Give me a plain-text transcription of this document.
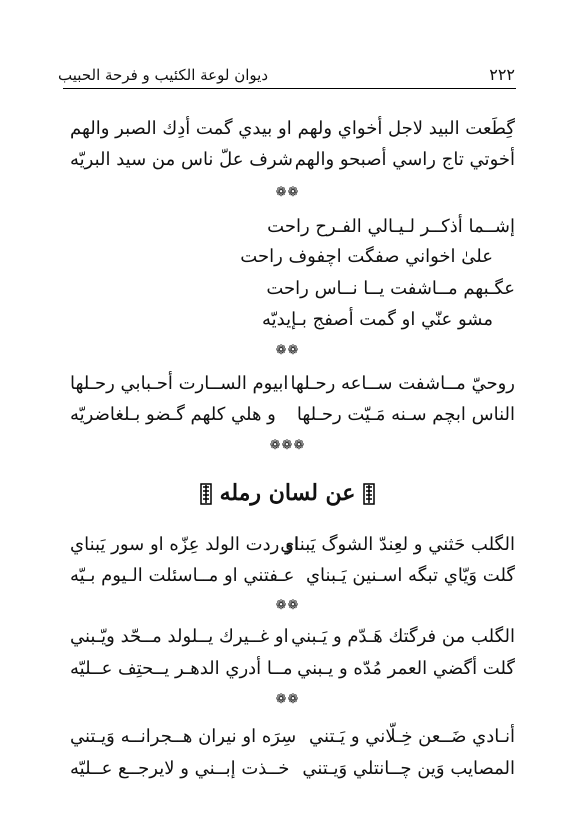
٢٢٢
ديوان لوعة الكئيب و فرحة الحبيب
گِطَعت البيد لاجل أخواي ولهم
او بيدي گمت أدِك الصبر والهم
أخوتي تاج راسي أصبحو والهم
شرف علّ ناس من سيد البريّه
❁❁
إشــما أذكــر لـيـالي الفـرح راحت
علىٰ اخواني صفگت اچفوف راحت
عگـبهم مــاشفت يــا نــاس راحت
مشو عنّي او گمت أصفج بـإيديّه
❁❁
روحيّ مــاشفت ســاعه رحـلها
ابيوم الســارت أحـبابي رحـلها
الناس ابچم سـنه مَـيّت رحـلها
و هلي كلهم گـضو بـلغاضريّه
❁❁❁
عن لسان رمله
الگلب حَثني و لعِندّ الشوگ يَبناي
او ردت الولد عِزّه او سور يَبناي
گلت وَيّاي تبگه اسـنين يَـبناي
عـفتني او مــاسئلت الـيوم بـيّه
❁❁
الگلب من فرگتك هَـدّم و يَـبني
او غــيرك يــلولد مــحّد ويّـبني
گلت أگضي العمر مُدّه و يـبني
مــا أدري الدهـر يــحتِف عــليّه
❁❁
أنـادي ضَــعن خِـلّاني و يَـتني
سِرَه او نيران هــجرانــه وَيـتني
المصايب وَين چــانتلي وَيـتني
خــذت إبــني و لايرجــع عــليّه
